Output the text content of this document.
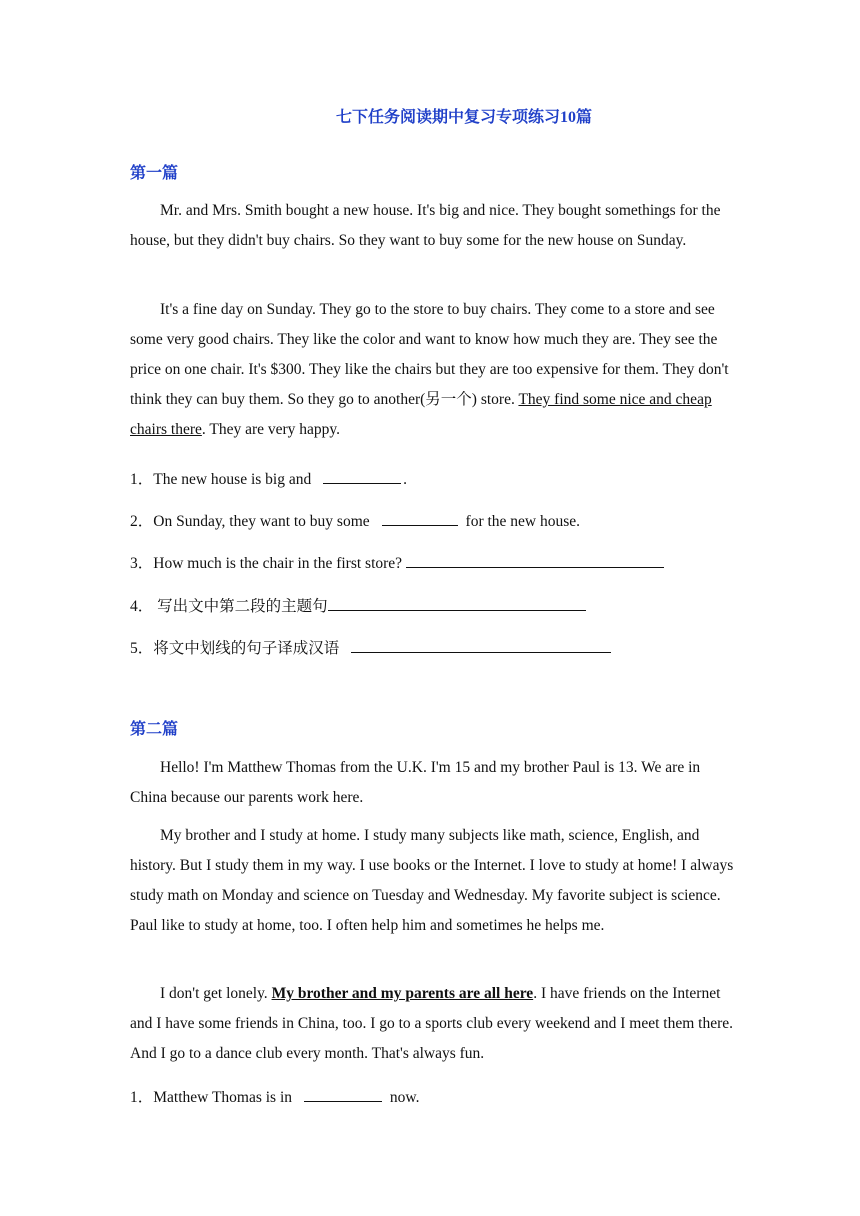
七下任务阅读期中复习专项练习10篇
第一篇

Mr. and Mrs. Smith bought a new house. It's big and nice. They bought somethings for the house, but they didn't buy chairs. So they want to buy some for the new house on Sunday.

It's a fine day on Sunday. They go to the store to buy chairs. They come to a store and see some very good chairs. They like the color and want to know how much they are. They see the price on one chair. It's $300. They like the chairs but they are too expensive for them. They don't think they can buy them. So they go to another(另一个) store. They find some nice and cheap chairs there. They are very happy.

1．The new house is big and	.
2．On Sunday, they want to buy some	for the new house.
3．How much is the chair in the first store?
4． 写出文中第二段的主题句
5．将文中划线的句子译成汉语
第二篇

Hello! I'm Matthew Thomas from the U.K. I'm 15 and my brother Paul is 13. We are in China because our parents work here.

My brother and I study at home. I study many subjects like math, science, English, and history. But I study them in my way. I use books or the Internet. I love to study at home! I always study math on Monday and science on Tuesday and Wednesday. My favorite subject is science. Paul like to study at home, too. I often help him and sometimes he helps me.

I don't get lonely. My brother and my parents are all here. I have friends on the Internet and I have some friends in China, too. I go to a sports club every weekend and I meet them there. And I go to a dance club every month. That's always fun.

1．Matthew Thomas is in	now.
